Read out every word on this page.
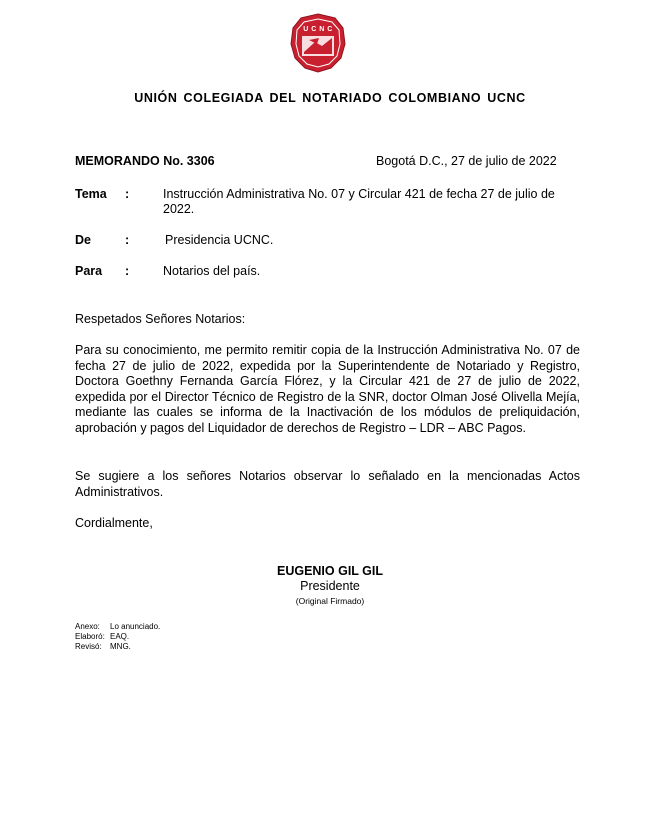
U C N C
UNIÓN COLEGIADA DEL NOTARIADO COLOMBIANO UCNC
MEMORANDO No. 3306	Bogotá D.C., 27 de julio de 2022
Tema :	Instrucción Administrativa No. 07 y Circular 421 de fecha 27 de julio de 2022.
De	:	Presidencia UCNC.
Para :	Notarios del país.
Respetados Señores Notarios:
Para su conocimiento, me permito remitir copia de la Instrucción Administrativa No. 07 de fecha 27 de julio de 2022, expedida por la Superintendente de Notariado y Registro, Doctora Goethny Fernanda García Flórez, y la Circular 421 de 27 de julio de 2022, expedida por el Director Técnico de Registro de la SNR, doctor Olman José Olivella Mejía, mediante las cuales se informa de la Inactivación de los módulos de preliquidación, aprobación y pagos del Liquidador de derechos de Registro – LDR – ABC Pagos.
Se sugiere a los señores Notarios observar lo señalado en la mencionadas Actos Administrativos.
Cordialmente,
EUGENIO GIL GIL
Presidente
(Original Firmado)
Anexo: Lo anunciado.
Elaboró: EAQ.
Revisó: MNG.
